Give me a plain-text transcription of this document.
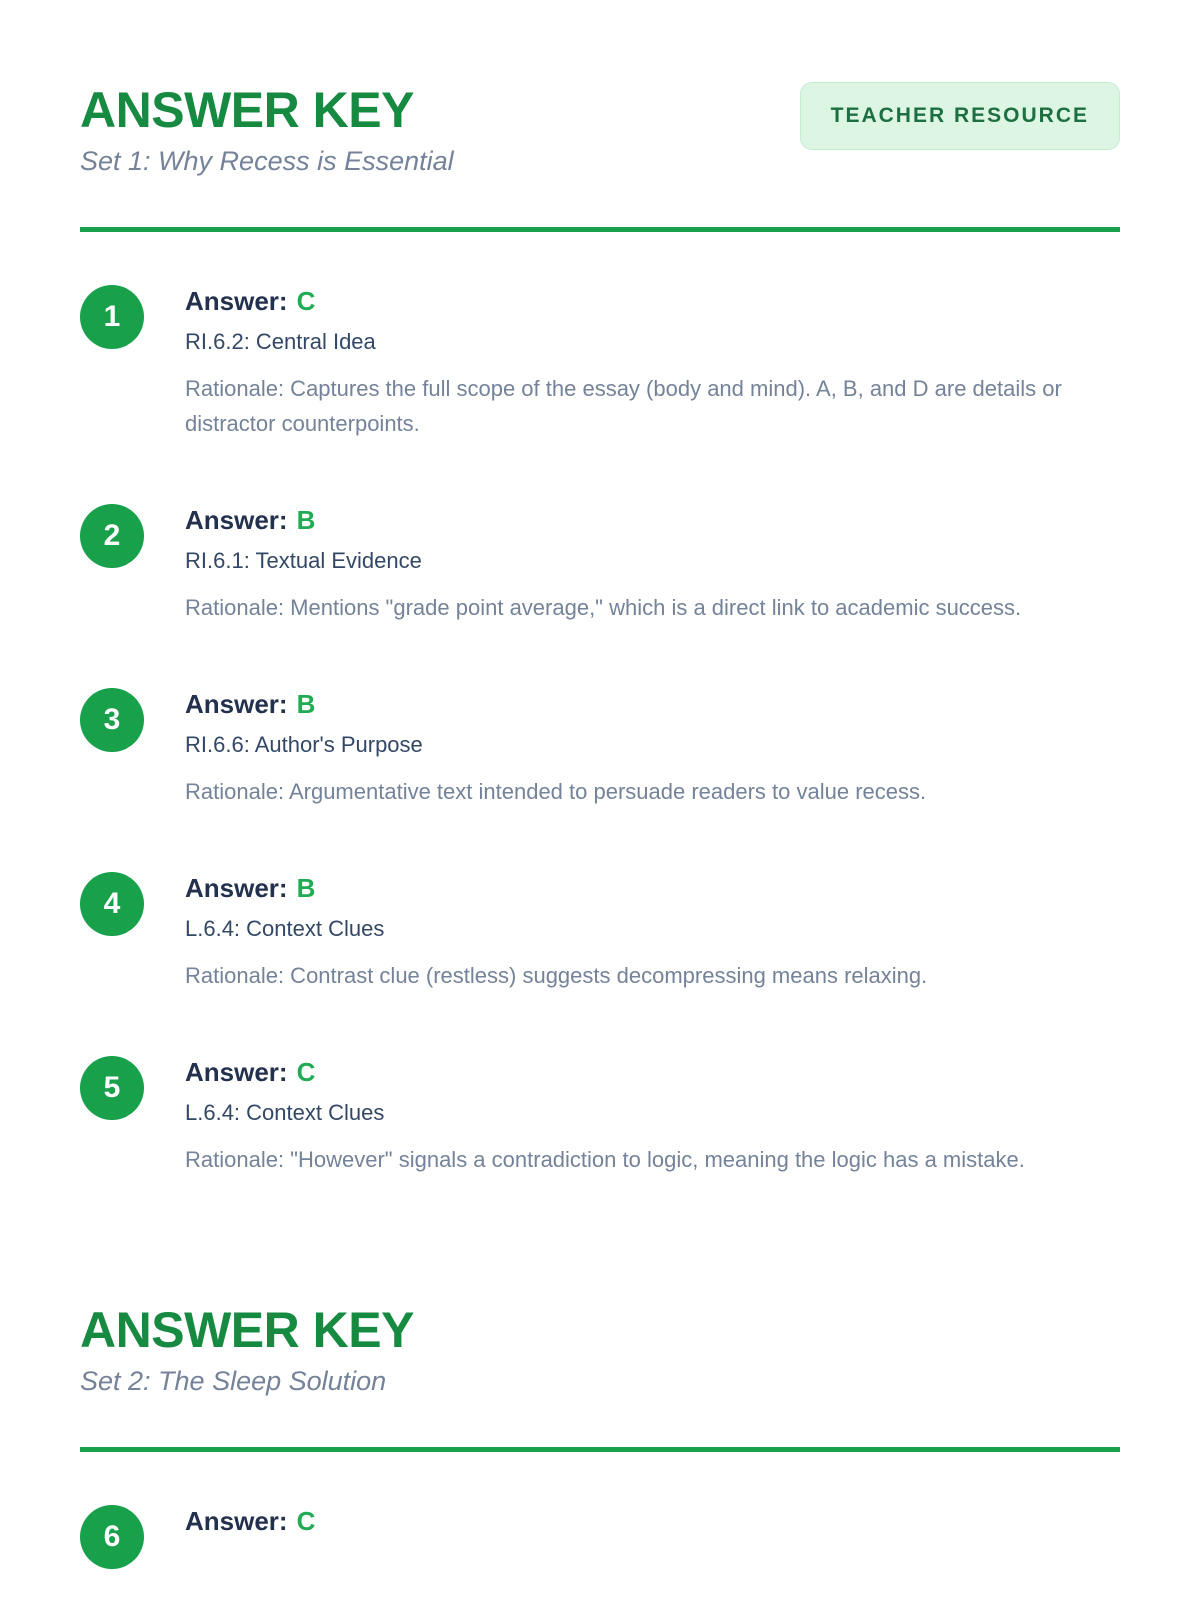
ANSWER KEY
Set 1: Why Recess is Essential
TEACHER RESOURCE
1	Answer: C
RI.6.2: Central Idea
Rationale: Captures the full scope of the essay (body and mind). A, B, and D are details or distractor counterpoints.
2	Answer: B
RI.6.1: Textual Evidence
Rationale: Mentions "grade point average," which is a direct link to academic success.
3	Answer: B
RI.6.6: Author's Purpose
Rationale: Argumentative text intended to persuade readers to value recess.
4	Answer: B
L.6.4: Context Clues
Rationale: Contrast clue (restless) suggests decompressing means relaxing.
5	Answer: C
L.6.4: Context Clues
Rationale: "However" signals a contradiction to logic, meaning the logic has a mistake.
ANSWER KEY
Set 2: The Sleep Solution
6	Answer: C
